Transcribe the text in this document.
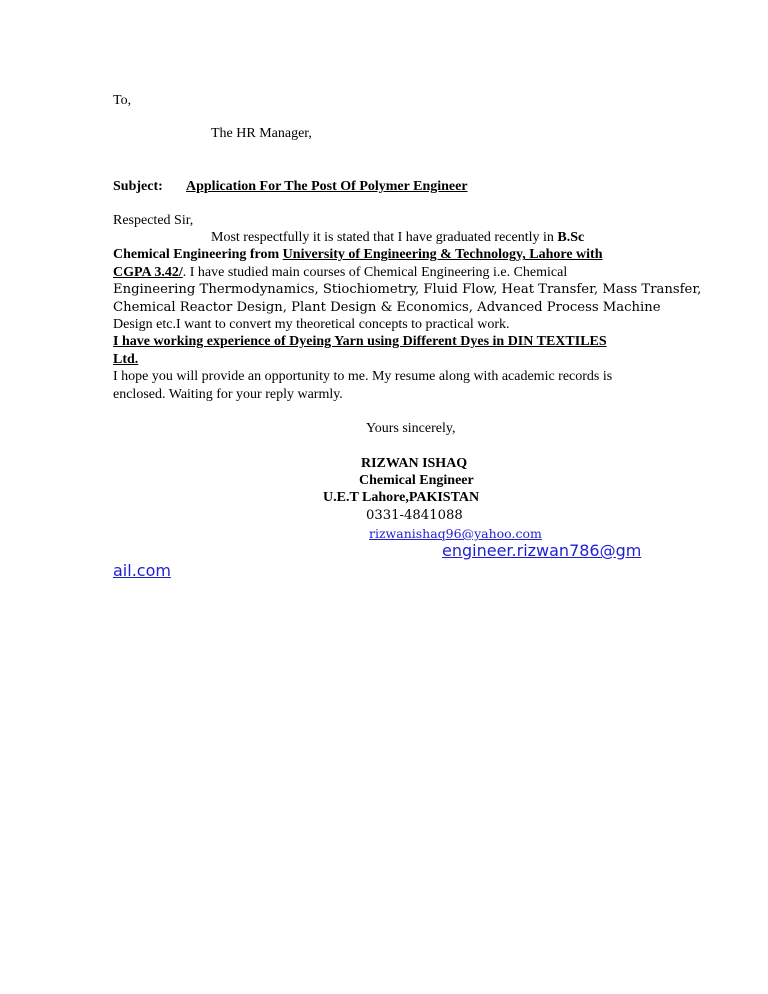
To,
The HR Manager,
Subject: Application For The Post Of Polymer Engineer
Respected Sir,
Most respectfully it is stated that I have graduated recently in B.Sc
Chemical Engineering from University of Engineering & Technology, Lahore with
CGPA 3.42/. I have studied main courses of Chemical Engineering i.e. Chemical
Engineering Thermodynamics, Stiochiometry, Fluid Flow, Heat Transfer, Mass Transfer,
Chemical Reactor Design, Plant Design & Economics, Advanced Process Machine
Design etc.I want to convert my theoretical concepts to practical work.
I have working experience of Dyeing Yarn using Different Dyes in DIN TEXTILES
Ltd.
I hope you will provide an opportunity to me. My resume along with academic records is
enclosed. Waiting for your reply warmly.
Yours sincerely,
RIZWAN ISHAQ
Chemical Engineer
U.E.T Lahore,PAKISTAN
0331-4841088
rizwanishaq96@yahoo.com
engineer.rizwan786@gm
ail.com
